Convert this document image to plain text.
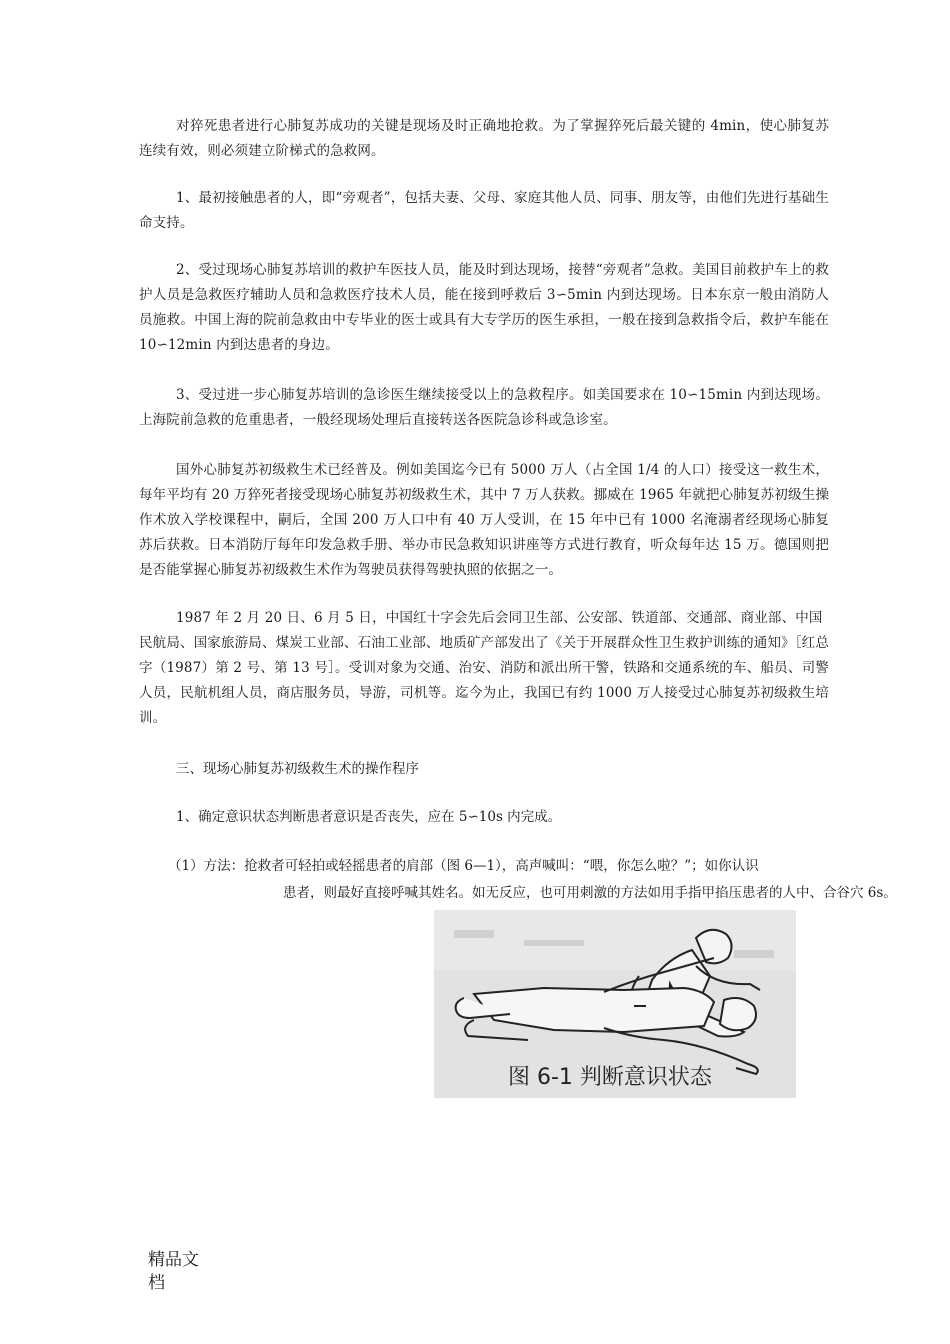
对猝死患者进行心肺复苏成功的关键是现场及时正确地抢救。为了掌握猝死后最关键的 4min，使心肺复苏连续有效，则必须建立阶梯式的急救网。

1、最初接触患者的人，即“旁观者”，包括夫妻、父母、家庭其他人员、同事、朋友等，由他们先进行基础生命支持。

2、受过现场心肺复苏培训的救护车医技人员，能及时到达现场，接替“旁观者”急救。美国目前救护车上的救护人员是急救医疗辅助人员和急救医疗技术人员，能在接到呼救后 3∽5min 内到达现场。日本东京一般由消防人员施救。中国上海的院前急救由中专毕业的医士或具有大专学历的医生承担，一般在接到急救指令后，救护车能在 10∽12min 内到达患者的身边。

3、受过进一步心肺复苏培训的急诊医生继续接受以上的急救程序。如美国要求在 10∽15min 内到达现场。上海院前急救的危重患者，一般经现场处理后直接转送各医院急诊科或急诊室。

国外心肺复苏初级救生术已经普及。例如美国迄今已有 5000 万人（占全国 1/4 的人口）接受这一救生术，每年平均有 20 万猝死者接受现场心肺复苏初级救生术，其中 7 万人获救。挪威在 1965 年就把心肺复苏初级生操作术放入学校课程中，嗣后，全国 200 万人口中有 40 万人受训，在 15 年中已有 1000 名淹溺者经现场心肺复苏后获救。日本消防厅每年印发急救手册、举办市民急救知识讲座等方式进行教育，听众每年达 15 万。德国则把是否能掌握心肺复苏初级救生术作为驾驶员获得驾驶执照的依据之一。

1987 年 2 月 20 日、6 月 5 日，中国红十字会先后会同卫生部、公安部、铁道部、交通部、商业部、中国

民航局、国家旅游局、煤炭工业部、石油工业部、地质矿产部发出了《关于开展群众性卫生救护训练的通知》［红总字（1987）第 2 号、第 13 号］。受训对象为交通、治安、消防和派出所干警，铁路和交通系统的车、船员、司警人员，民航机组人员，商店服务员，导游，司机等。迄今为止，我国已有约 1000 万人接受过心肺复苏初级救生培训。

三、现场心肺复苏初级救生术的操作程序

1、确定意识状态判断患者意识是否丧失，应在 5∽10s 内完成。

（1）方法：抢救者可轻拍或轻摇患者的肩部（图 6—1），高声喊叫：“喂，你怎么啦？”；如你认识

患者，则最好直接呼喊其姓名。如无反应，也可用刺激的方法如用手指甲掐压患者的人中、合谷穴 6s。

图 6-1 判断意识状态
精品文
档
